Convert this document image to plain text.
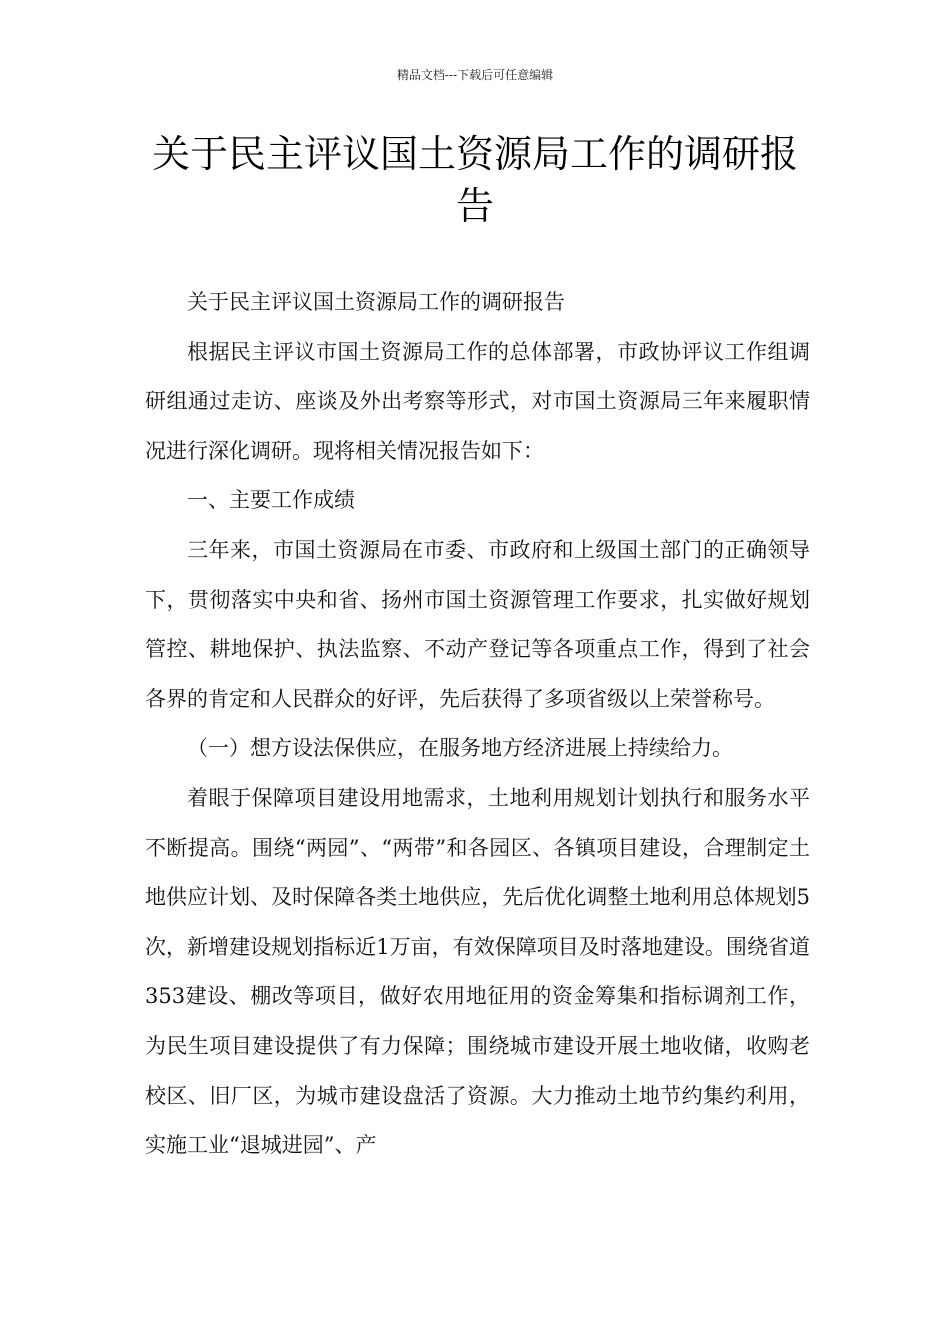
精品文档---下载后可任意编辑
关于民主评议国土资源局工作的调研报
告

关于民主评议国土资源局工作的调研报告

根据民主评议市国土资源局工作的总体部署，市政协评议工作组调研组通过走访、座谈及外出考察等形式，对市国土资源局三年来履职情况进行深化调研。现将相关情况报告如下：

一、主要工作成绩

三年来，市国土资源局在市委、市政府和上级国土部门的正确领导下，贯彻落实中央和省、扬州市国土资源管理工作要求，扎实做好规划管控、耕地保护、执法监察、不动产登记等各项重点工作，得到了社会各界的肯定和人民群众的好评，先后获得了多项省级以上荣誉称号。

（一）想方设法保供应，在服务地方经济进展上持续给力。

着眼于保障项目建设用地需求，土地利用规划计划执行和服务水平不断提高。围绕“两园”、“两带”和各园区、各镇项目建设，合理制定土地供应计划、及时保障各类土地供应，先后优化调整土地利用总体规划5次，新增建设规划指标近1万亩，有效保障项目及时落地建设。围绕省道353建设、棚改等项目，做好农用地征用的资金筹集和指标调剂工作，为民生项目建设提供了有力保障；围绕城市建设开展土地收储，收购老校区、旧厂区，为城市建设盘活了资源。大力推动土地节约集约利用，实施工业“退城进园”、产
